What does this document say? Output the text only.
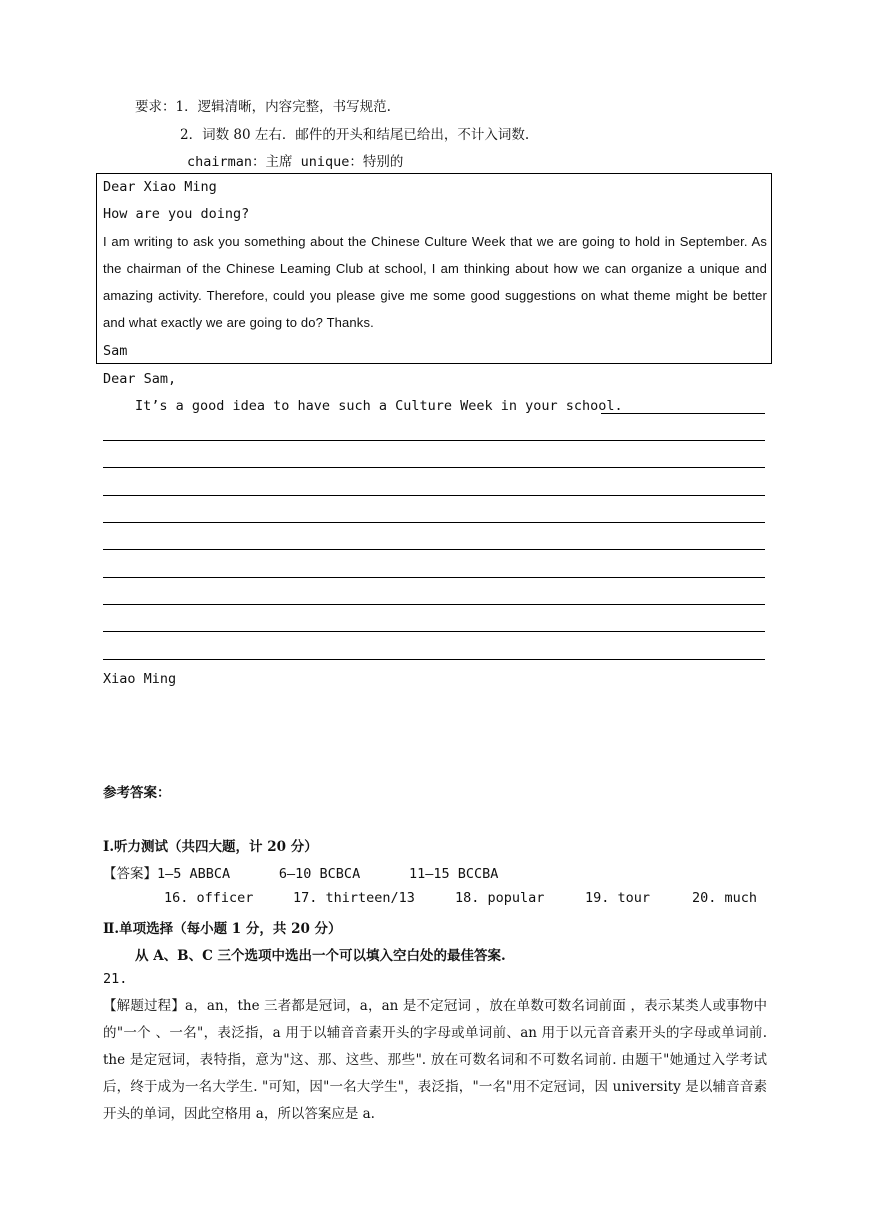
要求：1．逻辑清晰，内容完整，书写规范.
2．词数 80 左右．邮件的开头和结尾已给出，不计入词数.
chairman：主席 unique：特别的
Dear Xiao Ming
How are you doing?
I am writing to ask you something about the Chinese Culture Week that we are going to hold in September. As the chairman of the Chinese Leaming Club at school, I am thinking about how we can organize a unique and amazing activity. Therefore, could you please give me some good suggestions on what theme might be better and what exactly we are going to do? Thanks.
Sam
Dear Sam,
It’s a good idea to have such a Culture Week in your school.
Xiao Ming
参考答案：
Ⅰ.听力测试（共四大题，计 20 分）
【答案】1—5 ABBCA      6—10 BCBCA      11—15 BCCBA
16. officer	17. thirteen/13	18. popular	19. tour	20. much
Ⅱ.单项选择（每小题 1 分，共 20 分）
从 A、B、C 三个选项中选出一个可以填入空白处的最佳答案.
21.
【解题过程】a，an，the 三者都是冠词，a，an 是不定冠词 ，放在单数可数名词前面 ，表示某类人或事物中的"一个 、一名"，表泛指，a 用于以辅音音素开头的字母或单词前、an 用于以元音音素开头的字母或单词前. the 是定冠词，表特指，意为"这、那、这些、那些". 放在可数名词和不可数名词前. 由题干"她通过入学考试后，终于成为一名大学生. "可知，因"一名大学生"，表泛指，"一名"用不定冠词，因 university 是以辅音音素开头的单词，因此空格用 a，所以答案应是 a.
